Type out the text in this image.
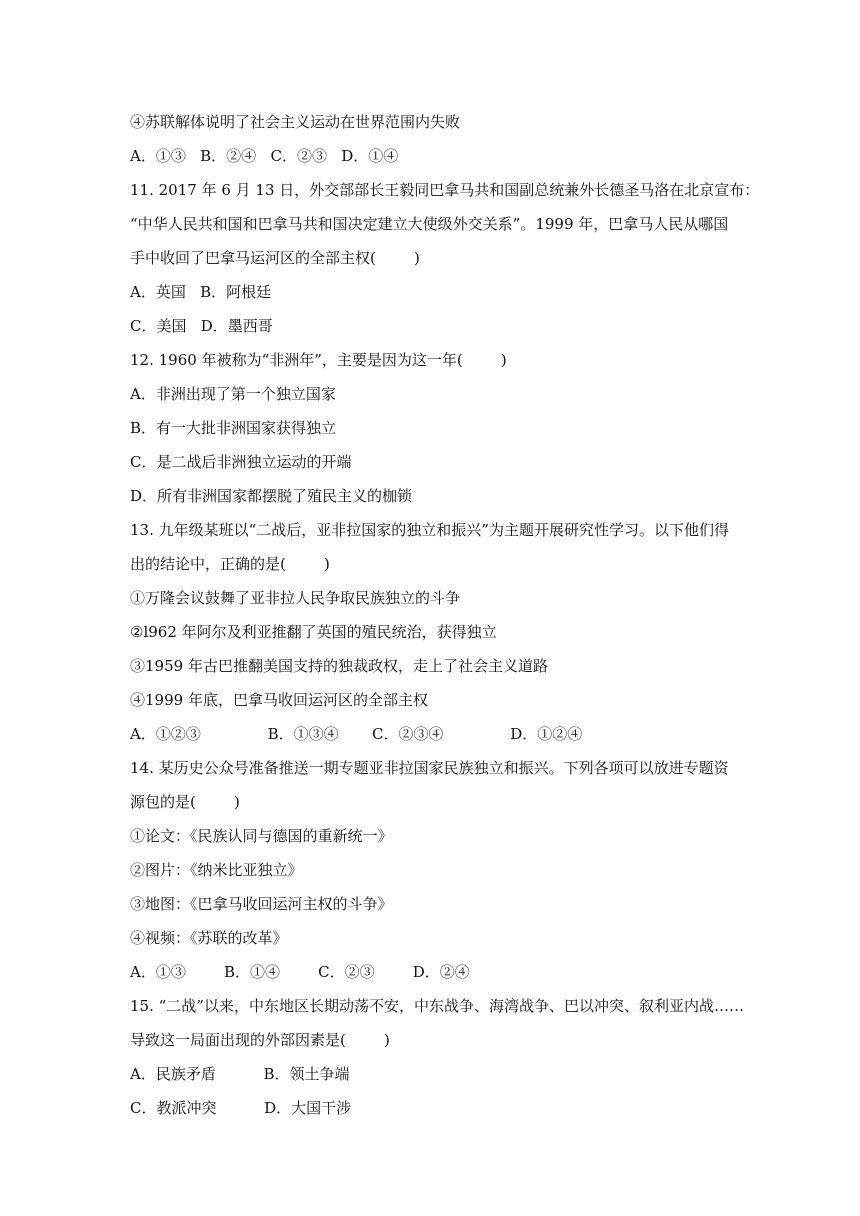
④苏联解体说明了社会主义运动在世界范围内失败
A．①③   B．②④   C．②③   D．①④
11. 2017 年 6 月 13 日，外交部部长王毅同巴拿马共和国副总统兼外长德圣马洛在北京宣布：
“中华人民共和国和巴拿马共和国决定建立大使级外交关系”。1999 年，巴拿马人民从哪国
手中收回了巴拿马运河区的全部主权(        )
A．英国   B．阿根廷
C．美国   D．墨西哥
12. 1960 年被称为“非洲年”，主要是因为这一年(        )
A．非洲出现了第一个独立国家
B．有一大批非洲国家获得独立
C．是二战后非洲独立运动的开端
D．所有非洲国家都摆脱了殖民主义的枷锁
13. 九年级某班以“二战后，亚非拉国家的独立和振兴”为主题开展研究性学习。以下他们得
出的结论中，正确的是(        )
①万隆会议鼓舞了亚非拉人民争取民族独立的斗争
②l962 年阿尔及利亚推翻了英国的殖民统治，获得独立
③1959 年古巴推翻美国支持的独裁政权，走上了社会主义道路
④1999 年底，巴拿马收回运河区的全部主权
A．①②③              B．①③④       C．②③④              D．①②④
14. 某历史公众号准备推送一期专题亚非拉国家民族独立和振兴。下列各项可以放进专题资
源包的是(        )
①论文：《民族认同与德国的重新统一》
②图片：《纳米比亚独立》
③地图：《巴拿马收回运河主权的斗争》
④视频：《苏联的改革》
A．①③        B．①④        C．②③        D．②④
15. “二战”以来，中东地区长期动荡不安，中东战争、海湾战争、巴以冲突、叙利亚内战……
导致这一局面出现的外部因素是(        )
A．民族矛盾          B．领土争端
C．教派冲突          D．大国干涉
